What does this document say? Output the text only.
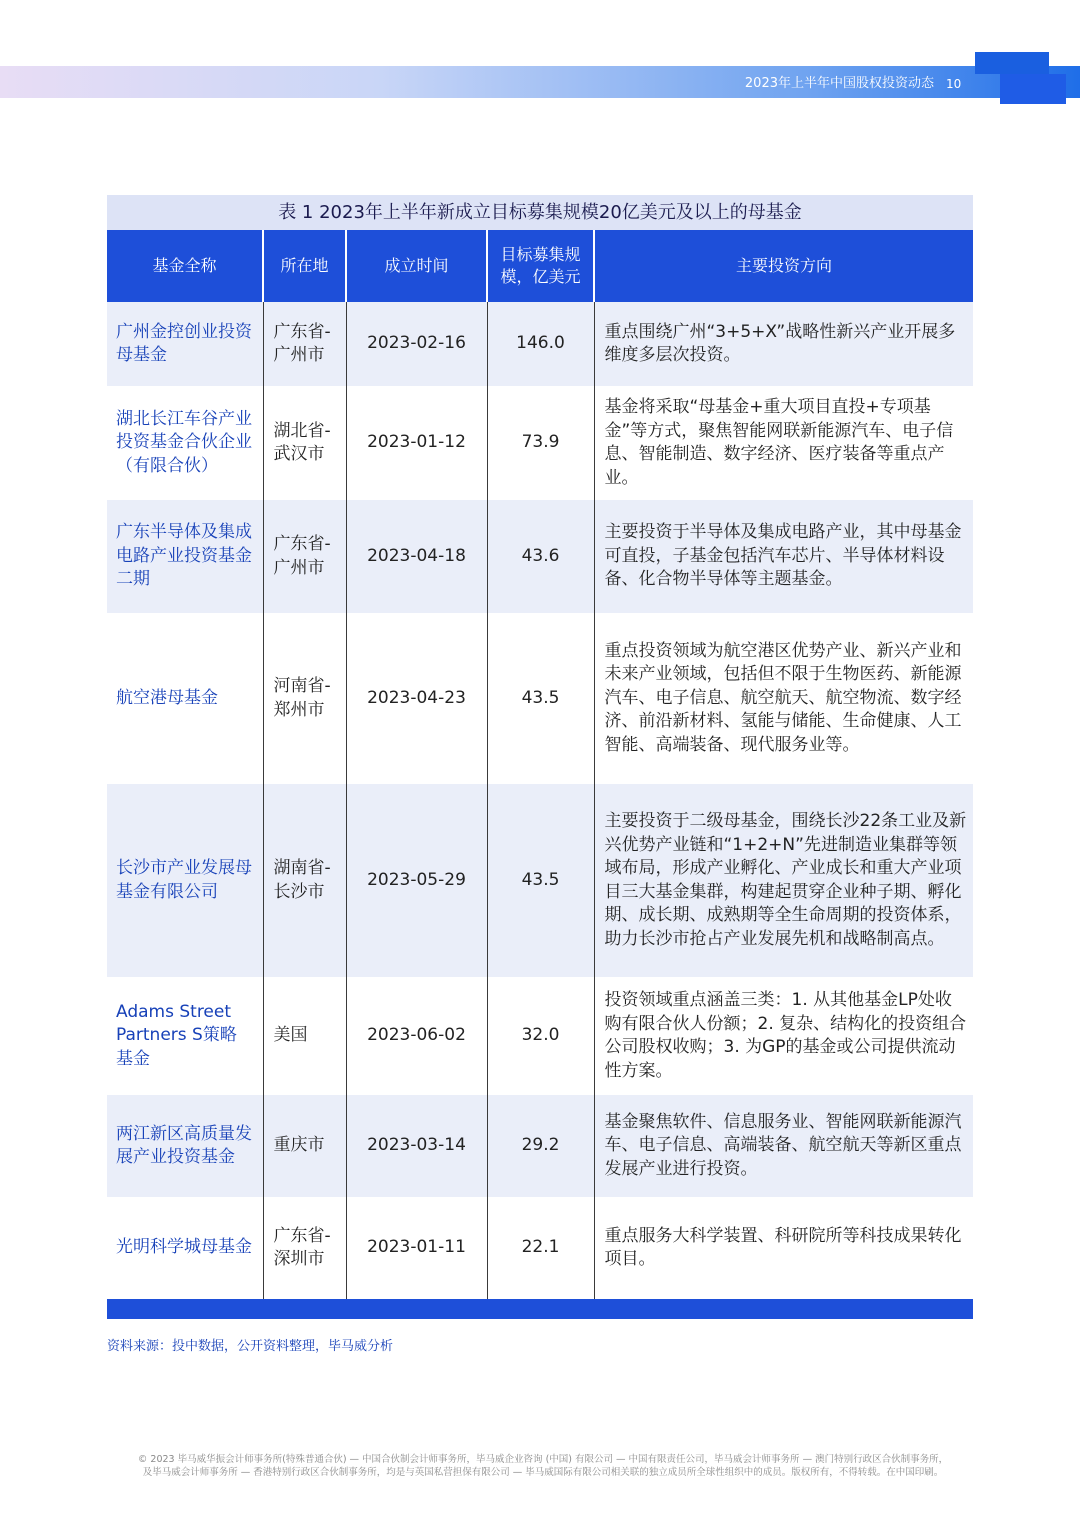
2023年上半年中国股权投资动态 10
表 1 2023年上半年新成立目标募集规模20亿美元及以上的母基金
基金全称	所在地	成立时间	目标募集规模，亿美元	主要投资方向
广州金控创业投资母基金	广东省-广州市	2023-02-16	146.0	重点围绕广州“3+5+X”战略性新兴产业开展多维度多层次投资。
湖北长江车谷产业投资基金合伙企业（有限合伙）	湖北省-武汉市	2023-01-12	73.9	基金将采取“母基金+重大项目直投+专项基金”等方式，聚焦智能网联新能源汽车、电子信息、智能制造、数字经济、医疗装备等重点产业。
广东半导体及集成电路产业投资基金二期	广东省-广州市	2023-04-18	43.6	主要投资于半导体及集成电路产业，其中母基金可直投，子基金包括汽车芯片、半导体材料设备、化合物半导体等主题基金。
航空港母基金	河南省-郑州市	2023-04-23	43.5	重点投资领域为航空港区优势产业、新兴产业和未来产业领域，包括但不限于生物医药、新能源汽车、电子信息、航空航天、航空物流、数字经济、前沿新材料、氢能与储能、生命健康、人工智能、高端装备、现代服务业等。
长沙市产业发展母基金有限公司	湖南省-长沙市	2023-05-29	43.5	主要投资于二级母基金，围绕长沙22条工业及新兴优势产业链和“1+2+N”先进制造业集群等领域布局，形成产业孵化、产业成长和重大产业项目三大基金集群，构建起贯穿企业种子期、孵化期、成长期、成熟期等全生命周期的投资体系，助力长沙市抢占产业发展先机和战略制高点。
Adams Street Partners S策略基金	美国	2023-06-02	32.0	投资领域重点涵盖三类：1. 从其他基金LP处收购有限合伙人份额；2. 复杂、结构化的投资组合公司股权收购；3. 为GP的基金或公司提供流动性方案。
两江新区高质量发展产业投资基金	重庆市	2023-03-14	29.2	基金聚焦软件、信息服务业、智能网联新能源汽车、电子信息、高端装备、航空航天等新区重点发展产业进行投资。
光明科学城母基金	广东省-深圳市	2023-01-11	22.1	重点服务大科学装置、科研院所等科技成果转化项目。
资料来源：投中数据，公开资料整理，毕马威分析
© 2023 毕马威华振会计师事务所(特殊普通合伙) — 中国合伙制会计师事务所，毕马威企业咨询 (中国) 有限公司 — 中国有限责任公司，毕马威会计师事务所 — 澳门特别行政区合伙制事务所，
及毕马威会计师事务所 — 香港特别行政区合伙制事务所，均是与英国私营担保有限公司 — 毕马威国际有限公司相关联的独立成员所全球性组织中的成员。版权所有，不得转载。在中国印刷。
